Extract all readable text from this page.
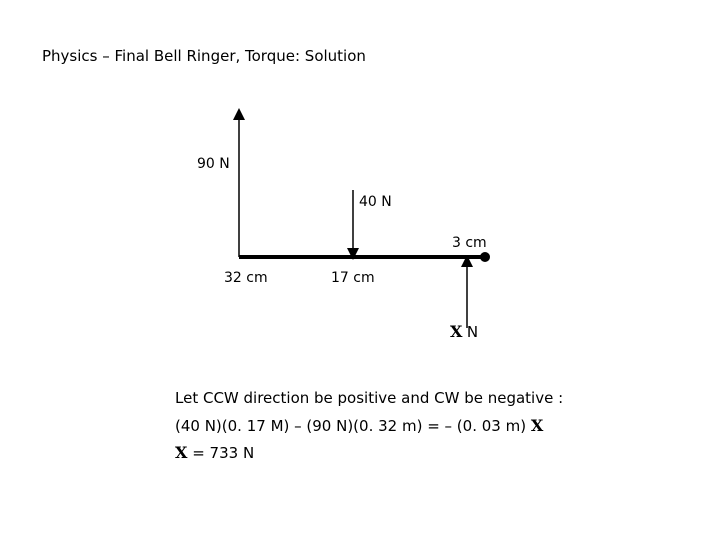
Physics – Final Bell Ringer, Torque: Solution
90 N
40 N
3 cm
32 cm	17 cm
X N
Let CCW direction be positive and CW be negative :
(40 N)(0. 17 M) – (90 N)(0. 32 m) = – (0. 03 m) X
X = 733 N
